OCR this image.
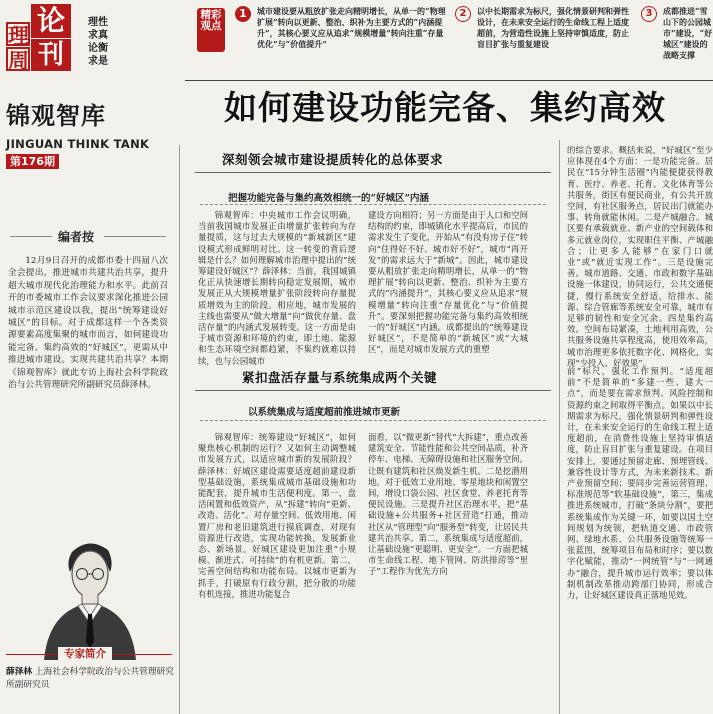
理 论
周 刊
理性
求真
论衡
求是
锦观智库
JINGUAN THINK TANK
第176期
精彩观点
1	城市建设要从粗放扩张走向精明增长，从单一的“物理扩展”转向以更新、整治、织补为主要方式的“内涵提升”，其核心要义应从追求“规模增量”转向注重“存量优化”与“价值提升”
2	以中长期需求为标尺，强化情景研判和弹性设计，在未来安全运行的生命线工程上适度超前，为营造性设施上坚持审慎适度，防止盲目扩张与重复建设
3	成都推进“雪山下的公园城市”建设，“好城区”建设的战略支撑
如何建设功能完备、集约高效
编者按

12月9日召开的成都市委十四届八次全会提出，推进城市共建共治共享，提升超大城市现代化治理能力和水平。此前召开的市委城市工作会议要求深化推进公园城市示范区建设以我，提出“统筹建设好城区”的目标。对于成都这样一个各类资源要素高度集聚的城市而言，如何建设功能完备、集约高效的“好城区”，更需从中推进城市建设。实现共建共治共享？本期《锦观智库》就此专访上海社会科学院政治与公共管理研究所副研究员薛泽林。

专家简介
薛泽林 上海社会科学院政治与公共管理研究所副研究员
深刻领会城市建设提质转化的总体要求
把握功能完备与集约高效相统一的“好城区”内涵

锦观智库：中央城市工作会议明确，当前我国城市发展正由增量扩张转向为存量提质，这与过去大规模的“新城新区”建设模式形成鲜明对比。这一转变的背后逻辑是什么？如何理解城市治理中提出的“统筹建设好城区”？薛泽林：当前，我国城镇化正从快速增长期转向稳定发展期，城市发展正从大规模增量扩张阶段转向存量提质增效为主的阶段。相应地，城市发展的主线也需要从“做大增量”向“做优存量、盘活存量”的内涵式发展转变。这一方面是由于城市资源和环境的约束，即土地、能源和生态环境空间都趋紧，不集约就难以持续，也与公园城市

建设方向相符；另一方面是由于人口和空间结构的约束，即城镇化水平提高后，市民的需求发生了变化，开始从“有没有房子住”转向“住得好不好、城市好不好”，城市“再开发”的需求远大于“新城”。因此，城市建设要从粗放扩张走向精明增长，从单一的“物理扩展”转向以更新、整治、织补为主要方式的“内涵提升”，其核心要义应从追求“规模增量”转向注重“存量优化”与“价值提升”。要深刻把握功能完备与集约高效相统一的“好城区”内涵。成都提出的“统筹建设好城区”，不是简单的“新城区”或“大城区”，而是对城市发展方式的重塑

的综合要求。概括来说，“好城区”至少应体现在4个方面：一是功能完备。居民在“15分钟生活圈”内能便捷获得教育、医疗、养老、托育、文化体育等公共服务，街区有便民商业，有公共开放空间，有社区服务点，居民出门就能办事、转角就能休闲。二是产城融合。城区要有承载就业、新产业的空间载体和多元就业岗位，实现职住平衡、产城融合；让更多人能够“在家门口就业”或“就近实现工作”。三是设施完善。城市道路、交通、市政和数字基础设施一体建设，协同运行，公共交通便捷，慢行系统安全舒适，给排水、能源、综合管廊等系统安全可靠，城市有足够的韧性和安全冗余。四是集约高效。空间布局紧凑，土地利用高效，公共服务设施共享程度高，使用效率高，城市治理更多依托数字化、网格化，实现“少投入、好效果”。

紧扣盘活存量与系统集成两个关键
以系统集成与适度超前推进城市更新

锦观智库：统筹建设“好城区”，如何聚焦核心机制的运行？又如何主动调整城市发展方式，以适应城市新的发展阶段？薛泽林：好城区建设需要适度超前建设新型基础设施，系统集成城市基础设施和功能配套，提升城市生活便利度。第一，盘活闲置和低效资产，从“拆建”转向“更新、改造、活化”。对存量空间、低效用地、闲置厂房和老旧建筑进行摸底调查，对现有资源进行改造，实现功能转换，发展新业态、新场景。好城区建设更加注重“小规模、渐进式、可持续”的有机更新。第二，完善空间结构和功能布局。以城市更新为抓手，打破原有行政分割，把分散的功能有机连接，推进功能复合

面看，以“微更新”替代“大拆建”，重点改善建筑安全、节能性能和公共空间品质，补齐停车、电梯、无障碍设施和社区服务空间。让既有建筑和社区焕发新生机。二是挖潜用地。对于低效工业用地、零星地块和闲置空间，增设口袋公园、社区食堂、养老托育等便民设施。三是提升社区治理水平，把“基础设施+公共服务+社区营造”打通，推动社区从“管理型”向“服务型”转变，让居民共建共治共享。第二，系统集成与适度超前，让基础设施“更聪明、更安全”。一方面把城市生命线工程、地下管网、防洪排涝等“里子”工程作为优先方向

前”标尺，强化工作预判。“适度超前”不是简单的“多建一些、建大一点”，而是要在需求预判、风险控制和资源约束之间取得平衡点。如果以中长期需求为标尺，强化情景研判和弹性设计，在未来安全运行的生命线工程上适度超前，在消费性设施上坚持审慎适度，防止盲目扩张与重复建设。在项目安排上，要通过预留走廊、预埋管线、兼容性设计等方式，为未来新技术、新产业预留空间；要同步完善运营管理、标准规范等“软基础设施”，第三，集成推进系统城市，打破“条块分割”，要把系统集成作为关键一环，如要以国土空间规划为统领，把轨道交通、市政管网、绿地水系、公共服务设施等统筹一张蓝图，统筹项目布局和时序；要以数字化赋能，推动“一网统管”与“一网通办”融合，提升城市运行效率；要以体制机制改革推动跨部门协同，形成合力，让好城区建设真正落地见效。
